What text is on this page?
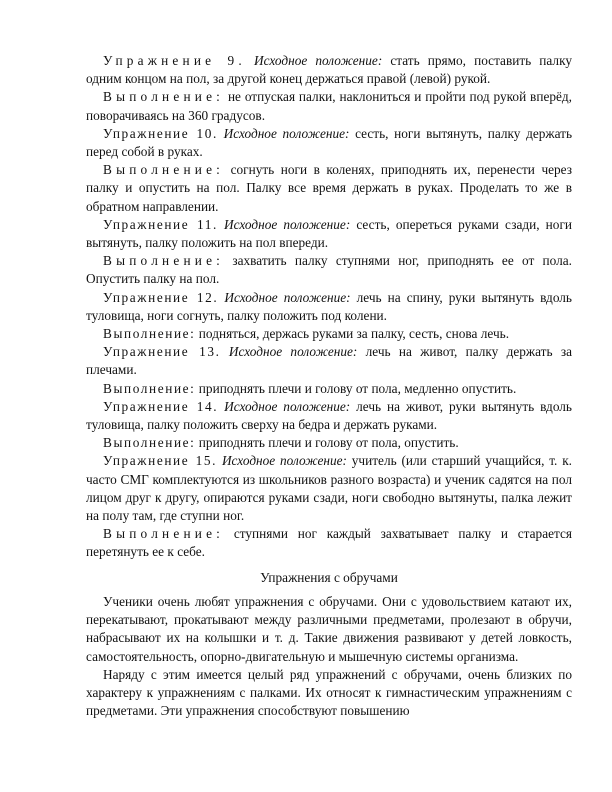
Упражнение 9. Исходное положение: стать прямо, поставить палку одним концом на пол, за другой конец держаться правой (левой) рукой.

Выполнение: не отпуская палки, наклониться и пройти под рукой вперёд, поворачиваясь на 360 градусов.

Упражнение 10. Исходное положение: сесть, ноги вытянуть, палку держать перед собой в руках.

Выполнение: согнуть ноги в коленях, приподнять их, перенести через палку и опустить на пол. Палку все время держать в руках. Проделать то же в обратном направлении.

Упражнение 11. Исходное положение: сесть, опереться руками сзади, ноги вытянуть, палку положить на пол впереди.

Выполнение: захватить палку ступнями ног, приподнять ее от пола. Опустить палку на пол.

Упражнение 12. Исходное положение: лечь на спину, руки вытянуть вдоль туловища, ноги согнуть, палку положить под колени.

Выполнение: подняться, держась руками за палку, сесть, снова лечь.

Упражнение 13. Исходное положение: лечь на живот, палку держать за плечами.

Выполнение: приподнять плечи и голову от пола, медленно опустить.

Упражнение 14. Исходное положение: лечь на живот, руки вытянуть вдоль туловища, палку положить сверху на бедра и держать руками.

Выполнение: приподнять плечи и голову от пола, опустить.

Упражнение 15. Исходное положение: учитель (или старший учащийся, т. к. часто СМГ комплектуются из школьников разного возраста) и ученик садятся на пол лицом друг к другу, опираются руками сзади, ноги свободно вытянуты, палка лежит на полу там, где ступни ног.

Выполнение: ступнями ног каждый захватывает палку и старается перетянуть ее к себе.

Упражнения с обручами

Ученики очень любят упражнения с обручами. Они с удовольствием катают их, перекатывают, прокатывают между различными предметами, пролезают в обручи, набрасывают их на колышки и т. д. Такие движения развивают у детей ловкость, самостоятельность, опорно-двигательную и мышечную системы организма.

Наряду с этим имеется целый ряд упражнений с обручами, очень близких по характеру к упражнениям с палками. Их относят к гимнастическим упражнениям с предметами. Эти упражнения способствуют повышению
